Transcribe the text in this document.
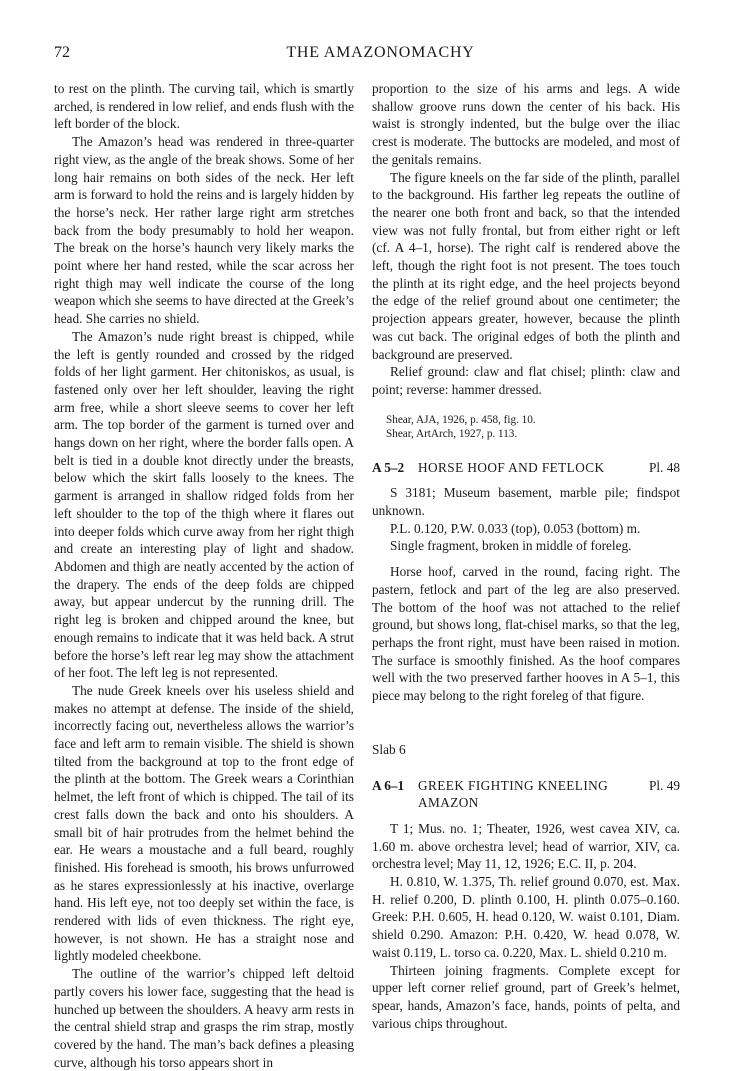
72	THE AMAZONOMACHY

to rest on the plinth. The curving tail, which is smartly arched, is rendered in low relief, and ends flush with the left border of the block.

The Amazon’s head was rendered in three-quarter right view, as the angle of the break shows. Some of her long hair remains on both sides of the neck. Her left arm is forward to hold the reins and is largely hidden by the horse’s neck. Her rather large right arm stretches back from the body presumably to hold her weapon. The break on the horse’s haunch very likely marks the point where her hand rested, while the scar across her right thigh may well indicate the course of the long weapon which she seems to have directed at the Greek’s head. She carries no shield.

The Amazon’s nude right breast is chipped, while the left is gently rounded and crossed by the ridged folds of her light garment. Her chitoniskos, as usual, is fastened only over her left shoulder, leaving the right arm free, while a short sleeve seems to cover her left arm. The top border of the garment is turned over and hangs down on her right, where the border falls open. A belt is tied in a double knot directly under the breasts, below which the skirt falls loosely to the knees. The garment is arranged in shallow ridged folds from her left shoulder to the top of the thigh where it flares out into deeper folds which curve away from her right thigh and create an interesting play of light and shadow. Abdomen and thigh are neatly accented by the action of the drapery. The ends of the deep folds are chipped away, but appear undercut by the running drill. The right leg is broken and chipped around the knee, but enough remains to indicate that it was held back. A strut before the horse’s left rear leg may show the attachment of her foot. The left leg is not represented.

The nude Greek kneels over his useless shield and makes no attempt at defense. The inside of the shield, incorrectly facing out, nevertheless allows the warrior’s face and left arm to remain visible. The shield is shown tilted from the background at top to the front edge of the plinth at the bottom. The Greek wears a Corinthian helmet, the left front of which is chipped. The tail of its crest falls down the back and onto his shoulders. A small bit of hair protrudes from the helmet behind the ear. He wears a moustache and a full beard, roughly finished. His forehead is smooth, his brows unfurrowed as he stares expressionlessly at his inactive, overlarge hand. His left eye, not too deeply set within the face, is rendered with lids of even thickness. The right eye, however, is not shown. He has a straight nose and lightly modeled cheekbone.

The outline of the warrior’s chipped left deltoid partly covers his lower face, suggesting that the head is hunched up between the shoulders. A heavy arm rests in the central shield strap and grasps the rim strap, mostly covered by the hand. The man’s back defines a pleasing curve, although his torso appears short in

proportion to the size of his arms and legs. A wide shallow groove runs down the center of his back. His waist is strongly indented, but the bulge over the iliac crest is moderate. The buttocks are modeled, and most of the genitals remains.

The figure kneels on the far side of the plinth, parallel to the background. His farther leg repeats the outline of the nearer one both front and back, so that the intended view was not fully frontal, but from either right or left (cf. A 4–1, horse). The right calf is rendered above the left, though the right foot is not present. The toes touch the plinth at its right edge, and the heel projects beyond the edge of the relief ground about one centimeter; the projection appears greater, however, because the plinth was cut back. The original edges of both the plinth and background are preserved.

Relief ground: claw and flat chisel; plinth: claw and point; reverse: hammer dressed.

Shear, AJA, 1926, p. 458, fig. 10.

Shear, ArtArch, 1927, p. 113.

A 5–2	HORSE HOOF AND FETLOCK	Pl. 48

S 3181; Museum basement, marble pile; findspot unknown.

P.L. 0.120, P.W. 0.033 (top), 0.053 (bottom) m.

Single fragment, broken in middle of foreleg.

Horse hoof, carved in the round, facing right. The pastern, fetlock and part of the leg are also preserved. The bottom of the hoof was not attached to the relief ground, but shows long, flat-chisel marks, so that the leg, perhaps the front right, must have been raised in motion. The surface is smoothly finished. As the hoof compares well with the two preserved farther hooves in A 5–1, this piece may belong to the right foreleg of that figure.

Slab 6
A 6–1	GREEK FIGHTING KNEELING AMAZON
Pl. 49

T 1; Mus. no. 1; Theater, 1926, west cavea XIV, ca. 1.60 m. above orchestra level; head of warrior, XIV, ca. orchestra level; May 11, 12, 1926; E.C. II, p. 204.

H. 0.810, W. 1.375, Th. relief ground 0.070, est. Max. H. relief 0.200, D. plinth 0.100, H. plinth 0.075–0.160. Greek: P.H. 0.605, H. head 0.120, W. waist 0.101, Diam. shield 0.290. Amazon: P.H. 0.420, W. head 0.078, W. waist 0.119, L. torso ca. 0.220, Max. L. shield 0.210 m.

Thirteen joining fragments. Complete except for upper left corner relief ground, part of Greek’s helmet, spear, hands, Amazon’s face, hands, points of pelta, and various chips throughout.
